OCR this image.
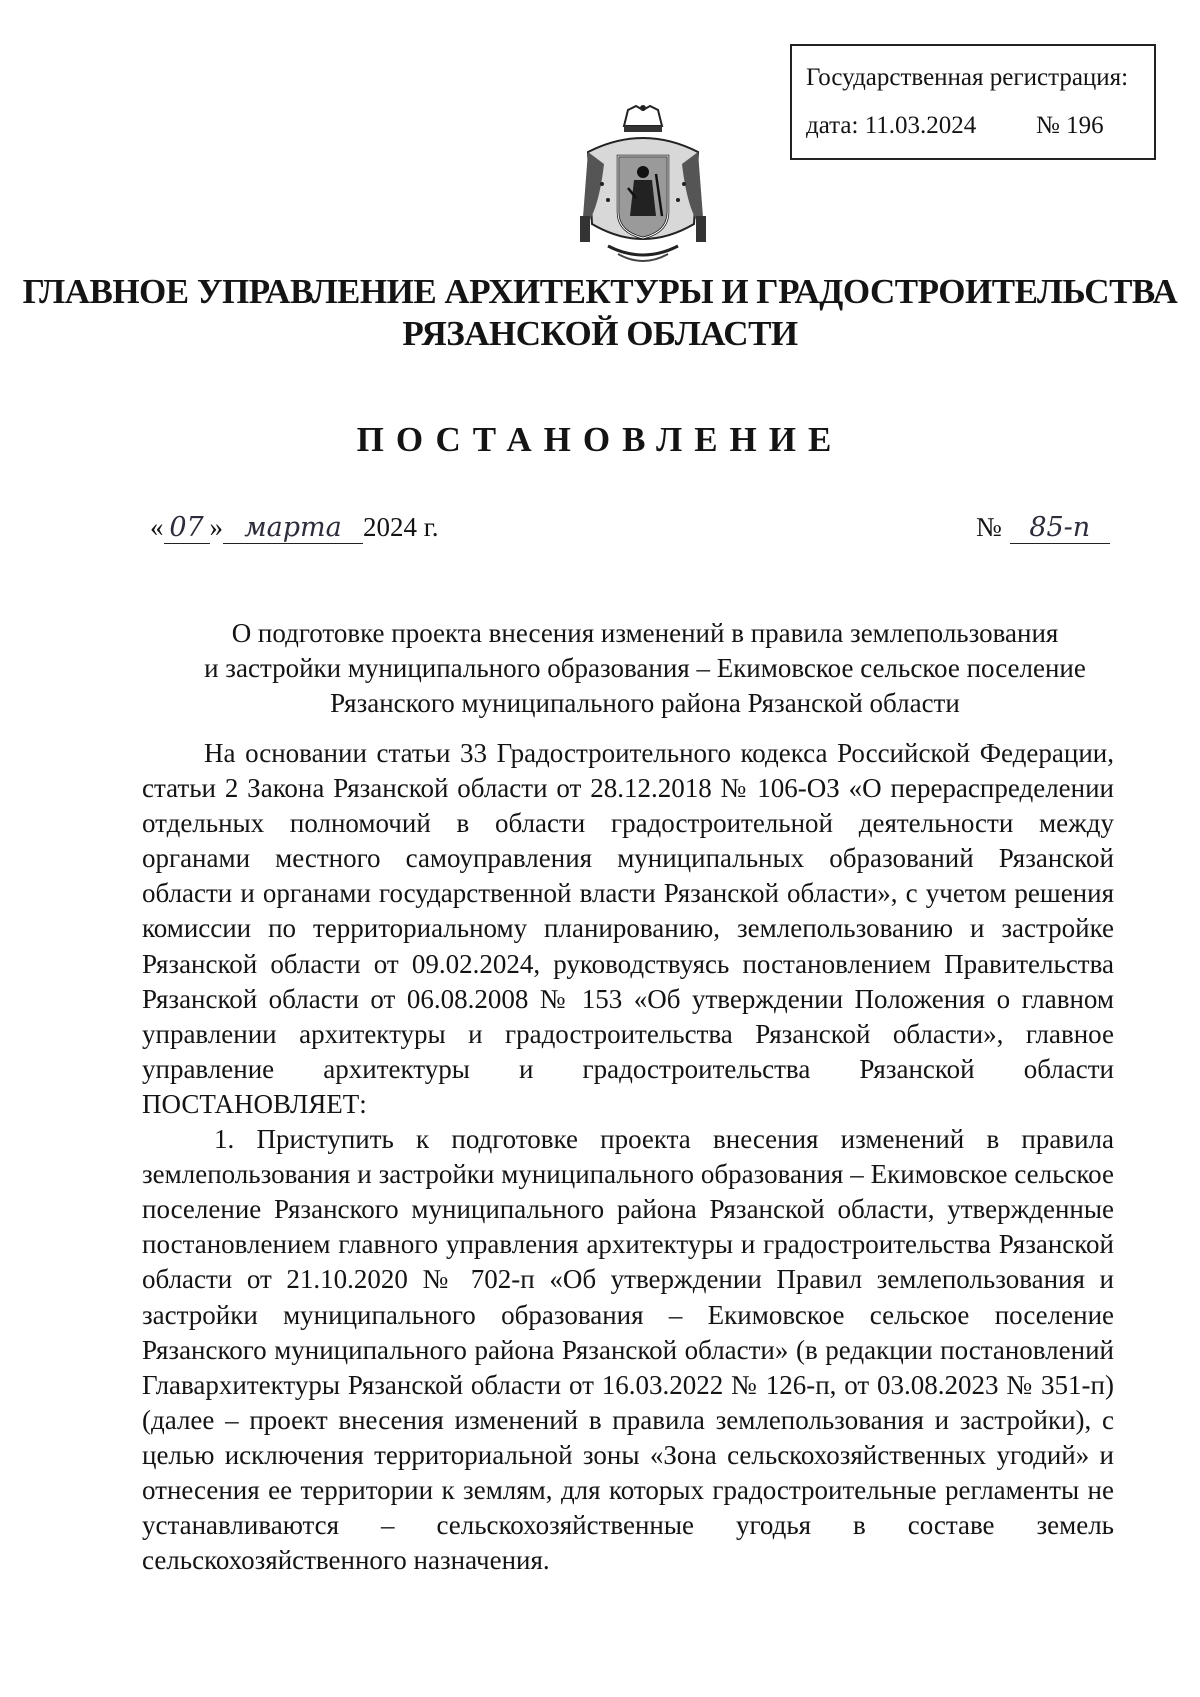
Государственная регистрация:
дата: 11.03.2024 № 196
ГЛАВНОЕ УПРАВЛЕНИЕ АРХИТЕКТУРЫ И ГРАДОСТРОИТЕЛЬСТВА
РЯЗАНСКОЙ ОБЛАСТИ
ПОСТАНОВЛЕНИЕ
« 07 » марта 2024 г.	№ 85-п
О подготовке проекта внесения изменений в правила землепользования
и застройки муниципального образования – Екимовское сельское поселение
Рязанского муниципального района Рязанской области

На основании статьи 33 Градостроительного кодекса Российской Федерации, статьи 2 Закона Рязанской области от 28.12.2018 № 106-ОЗ «О перераспределении отдельных полномочий в области градостроительной деятельности между органами местного самоуправления муниципальных образований Рязанской области и органами государственной власти Рязанской области», с учетом решения комиссии по территориальному планированию, землепользованию и застройке Рязанской области от 09.02.2024, руководствуясь постановлением Правительства Рязанской области от 06.08.2008 № 153 «Об утверждении Положения о главном управлении архитектуры и градостроительства Рязанской области», главное управление архитектуры и градостроительства Рязанской области ПОСТАНОВЛЯЕТ:

1. Приступить к подготовке проекта внесения изменений в правила землепользования и застройки муниципального образования – Екимовское сельское поселение Рязанского муниципального района Рязанской области, утвержденные постановлением главного управления архитектуры и градостроительства Рязанской области от 21.10.2020 № 702-п «Об утверждении Правил землепользования и застройки муниципального образования – Екимовское сельское поселение Рязанского муниципального района Рязанской области» (в редакции постановлений Главархитектуры Рязанской области от 16.03.2022 № 126-п, от 03.08.2023 № 351-п) (далее – проект внесения изменений в правила землепользования и застройки), с целью исключения территориальной зоны «Зона сельскохозяйственных угодий» и отнесения ее территории к землям, для которых градостроительные регламенты не устанавливаются – сельскохозяйственные угодья в составе земель сельскохозяйственного назначения.
